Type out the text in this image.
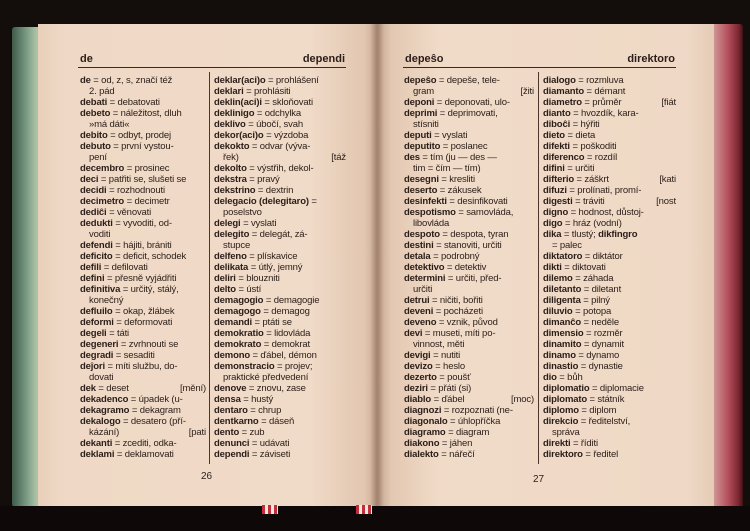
de	dependi
de = od, z, s, značí též
2. pád
debati = debatovati
debeto = náležitost, dluh
»má dáti«
debito = odbyt, prodej
debuto = první vystou-
pení
decembro = prosinec
deci = patřiti se, slušeti se
decidi = rozhodnouti
decimetro = decimetr
dediĉi = věnovati
dedukti = vyvoditi, od-
voditi
defendi = hájiti, brániti
deficito = deficit, schodek
defili = defilovati
defini = přesně vyjádřiti
definitiva = určitý, stálý,
konečný
defluilo = okap, žlábek
deformi = deformovati
degeli = táti
degeneri = zvrhnouti se
degradi = sesaditi
deĵori = míti službu, do-
dovati
dek = deset	[mění)
dekadenco = úpadek (u-
dekagramo = dekagram
dekalogo = desatero (pří-
kázání)	[pati
dekanti = zcediti, odka-
deklami = deklamovati
deklar(aci)o = prohlášení
deklari = prohlásiti
deklin(aci)i = skloňovati
deklinigo = odchylka
deklivo = úbočí, svah
dekor(aci)o = výzdoba
dekokto = odvar (výva-
řek)	[táž
dekolto = výstřih, dekol-
dekstra = pravý
dekstrino = dextrin
delegacio (delegitaro) =
poselstvo
delegi = vyslati
delegito = delegát, zá-
stupce
delfeno = plískavice
delikata = útlý, jemný
deliri = blouzniti
delto = ústí
demagogio = demagogie
demagogo = demagog
demandi = ptáti se
demokratio = lidovláda
demokrato = demokrat
demono = ďábel, démon
demonstracio = projev;
praktické předvedení
denove = znovu, zase
densa = hustý
dentaro = chrup
dentkarno = dáseň
dento = zub
denunci = udávati
dependi = záviseti
26
depeŝo	direktoro
depeŝo = depeše, tele-
gram	[žiti
deponi = deponovati, ulo-
deprimi = deprimovati,
stísniti
deputi = vyslati
deputito = poslanec
des = tím (ju — des —
tim = čím — tím)
desegni = kresliti
deserto = zákusek
desinfekti = desinfikovati
despotismo = samovláda,
libovláda
despoto = despota, tyran
destini = stanoviti, určiti
detala = podrobný
detektivo = detektiv
determini = určiti, před-
určiti
detrui = ničiti, bořiti
deveni = pocházeti
deveno = vznik, původ
devi = museti, míti po-
vinnost, měti
devigi = nutiti
devizo = heslo
dezerto = poušť
deziri = přáti (si)
diablo = ďábel	[moc)
diagnozi = rozpoznati (ne-
diagonalo = úhlopříčka
diagramo = diagram
diakono = jáhen
dialekto = nářečí
dialogo = rozmluva
diamanto = démant
diametro = průměr	[fiát
dianto = hvozdík, kara-
diboĉi = hýřiti
dieto = dieta
difekti = poškoditi
diferenco = rozdíl
difini = určiti
difterio = záškrt	[kati
difuzi = prolínati, promí-
digesti = tráviti	[nost
digno = hodnost, důstoj-
digo = hráz (vodní)
dika = tlustý; dikfingro
= palec
diktatoro = diktátor
dikti = diktovati
dilemo = záhada
diletanto = diletant
diligenta = pilný
diluvio = potopa
dimanĉo = neděle
dimensio = rozměr
dinamito = dynamit
dinamo = dynamo
dinastio = dynastie
dio = bůh
diplomatio = diplomacie
diplomato = státník
diplomo = diplom
direkcio = ředitelství,
správa
direkti = říditi
direktoro = ředitel
27
